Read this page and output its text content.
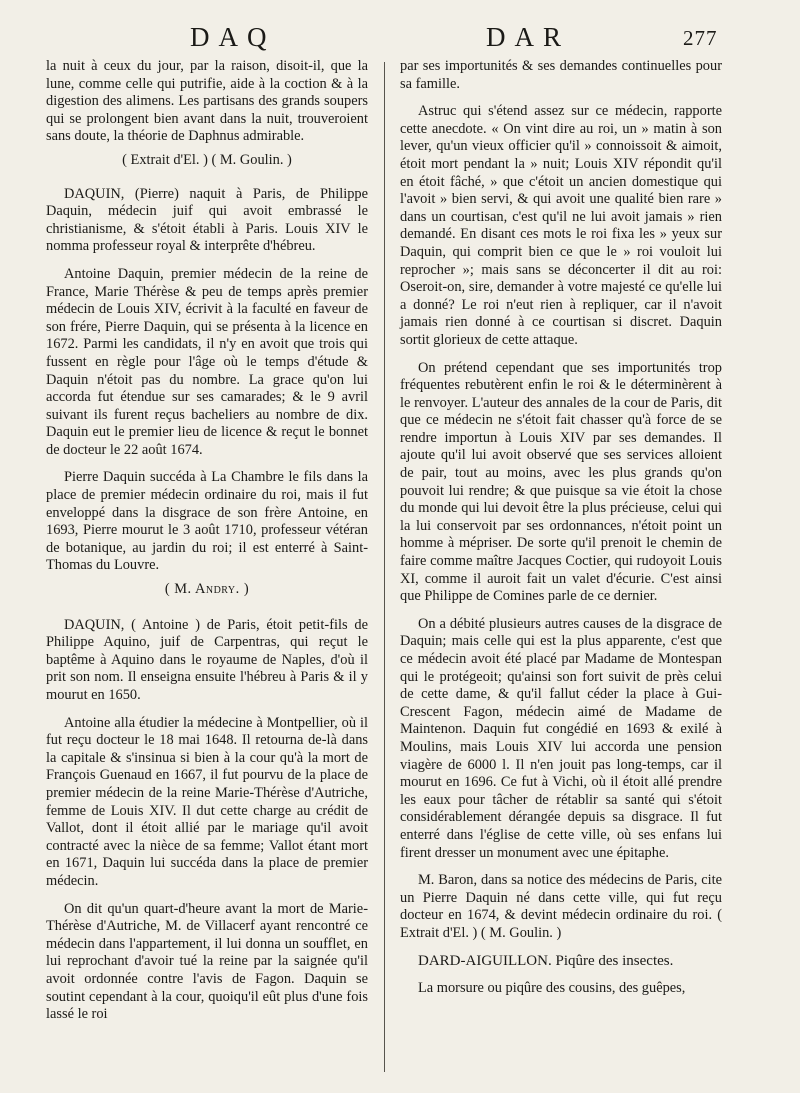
DAQ	DAR	277

la nuit à ceux du jour, par la raison, disoit-il, que la lune, comme celle qui putrifie, aide à la coction & à la digestion des alimens. Les partisans des grands soupers qui se prolongent bien avant dans la nuit, trouveroient sans doute, la théorie de Daphnus admirable.

( Extrait d'El. ) ( M. Goulin. )

DAQUIN, (Pierre) naquit à Paris, de Philippe Daquin, médecin juif qui avoit embrassé le christianisme, & s'étoit établi à Paris. Louis XIV le nomma professeur royal & interprête d'hébreu.

Antoine Daquin, premier médecin de la reine de France, Marie Thérèse & peu de temps après premier médecin de Louis XIV, écrivit à la faculté en faveur de son frére, Pierre Daquin, qui se présenta à la licence en 1672. Parmi les candidats, il n'y en avoit que trois qui fussent en règle pour l'âge où le temps d'étude & Daquin n'étoit pas du nombre. La grace qu'on lui accorda fut étendue sur ses camarades; & le 9 avril suivant ils furent reçus bacheliers au nombre de dix. Daquin eut le premier lieu de licence & reçut le bonnet de docteur le 22 août 1674.

Pierre Daquin succéda à La Chambre le fils dans la place de premier médecin ordinaire du roi, mais il fut enveloppé dans la disgrace de son frère Antoine, en 1693, Pierre mourut le 3 août 1710, professeur vétéran de botanique, au jardin du roi; il est enterré à Saint-Thomas du Louvre.

( M. Andry. )

DAQUIN, ( Antoine ) de Paris, étoit petit-fils de Philippe Aquino, juif de Carpentras, qui reçut le baptême à Aquino dans le royaume de Naples, d'où il prit son nom. Il enseigna ensuite l'hébreu à Paris & il y mourut en 1650.

Antoine alla étudier la médecine à Montpellier, où il fut reçu docteur le 18 mai 1648. Il retourna de-là dans la capitale & s'insinua si bien à la cour qu'à la mort de François Guenaud en 1667, il fut pourvu de la place de premier médecin de la reine Marie-Thérèse d'Autriche, femme de Louis XIV. Il dut cette charge au crédit de Vallot, dont il étoit allié par le mariage qu'il avoit contracté avec la nièce de sa femme; Vallot étant mort en 1671, Daquin lui succéda dans la place de premier médecin.

On dit qu'un quart-d'heure avant la mort de Marie-Thérèse d'Autriche, M. de Villacerf ayant rencontré ce médecin dans l'appartement, il lui donna un soufflet, en lui reprochant d'avoir tué la reine par la saignée qu'il avoit ordonnée contre l'avis de Fagon. Daquin se soutint cependant à la cour, quoiqu'il eût plus d'une fois lassé le roi

par ses importunités & ses demandes continuelles pour sa famille.

Astruc qui s'étend assez sur ce médecin, rapporte cette anecdote. « On vint dire au roi, un » matin à son lever, qu'un vieux officier qu'il » connoissoit & aimoit, étoit mort pendant la » nuit; Louis XIV répondit qu'il en étoit fâché, » que c'étoit un ancien domestique qui l'avoit » bien servi, & qui avoit une qualité bien rare » dans un courtisan, c'est qu'il ne lui avoit jamais » rien demandé. En disant ces mots le roi fixa les » yeux sur Daquin, qui comprit bien ce que le » roi vouloit lui reprocher »; mais sans se déconcerter il dit au roi: Oseroit-on, sire, demander à votre majesté ce qu'elle lui a donné? Le roi n'eut rien à repliquer, car il n'avoit jamais rien donné à ce courtisan si discret. Daquin sortit glorieux de cette attaque.

On prétend cependant que ses importunités trop fréquentes rebutèrent enfin le roi & le déterminèrent à le renvoyer. L'auteur des annales de la cour de Paris, dit que ce médecin ne s'étoit fait chasser qu'à force de se rendre importun à Louis XIV par ses demandes. Il ajoute qu'il lui avoit observé que ses services alloient de pair, tout au moins, avec les plus grands qu'on pouvoit lui rendre; & que puisque sa vie étoit la chose du monde qui lui devoit être la plus précieuse, celui qui la lui conservoit par ses ordonnances, n'étoit point un homme à mépriser. De sorte qu'il prenoit le chemin de faire comme maître Jacques Coctier, qui rudoyoit Louis XI, comme il auroit fait un valet d'écurie. C'est ainsi que Philippe de Comines parle de ce dernier.

On a débité plusieurs autres causes de la disgrace de Daquin; mais celle qui est la plus apparente, c'est que ce médecin avoit été placé par Madame de Montespan qui le protégeoit; qu'ainsi son fort suivit de près celui de cette dame, & qu'il fallut céder la place à Gui-Crescent Fagon, médecin aimé de Madame de Maintenon. Daquin fut congédié en 1693 & exilé à Moulins, mais Louis XIV lui accorda une pension viagère de 6000 l. Il n'en jouit pas long-temps, car il mourut en 1696. Ce fut à Vichi, où il étoit allé prendre les eaux pour tâcher de rétablir sa santé qui s'étoit considérablement dérangée depuis sa disgrace. Il fut enterré dans l'église de cette ville, où ses enfans lui firent dresser un monument avec une épitaphe.

M. Baron, dans sa notice des médecins de Paris, cite un Pierre Daquin né dans cette ville, qui fut reçu docteur en 1674, & devint médecin ordinaire du roi. ( Extrait d'El. ) ( M. Goulin. )

DARD-AIGUILLON. Piqûre des insectes.

La morsure ou piqûre des cousins, des guêpes,
